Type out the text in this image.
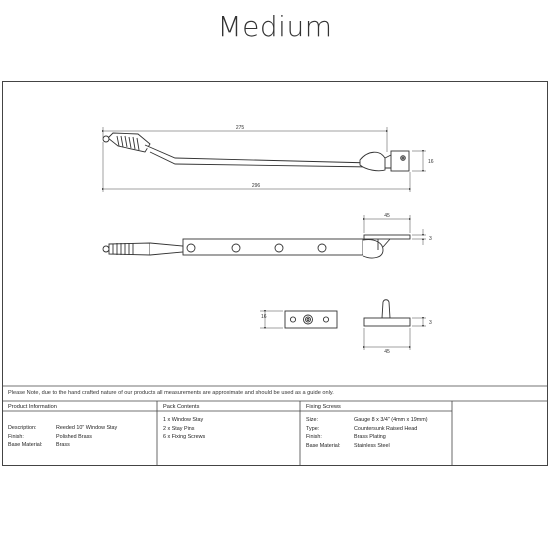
Medium
275
296
16
45
3
16
45
3
Please Note, due to the hand crafted nature of our products all measurements are approximate and should be used as a guide only.
Product Information	Pack Contents	Fixing Screws
Description:
Finish:
Base Material:
Reeded 10" Window Stay
Polished Brass
Brass
1 x Window Stay
2 x Stay Pins
6 x Fixing Screws
Size:
Type:
Finish:
Base Material:
Gauge 8 x 3/4" (4mm x 19mm)
Countersunk Raised Head
Brass Plating
Stainless Steel
